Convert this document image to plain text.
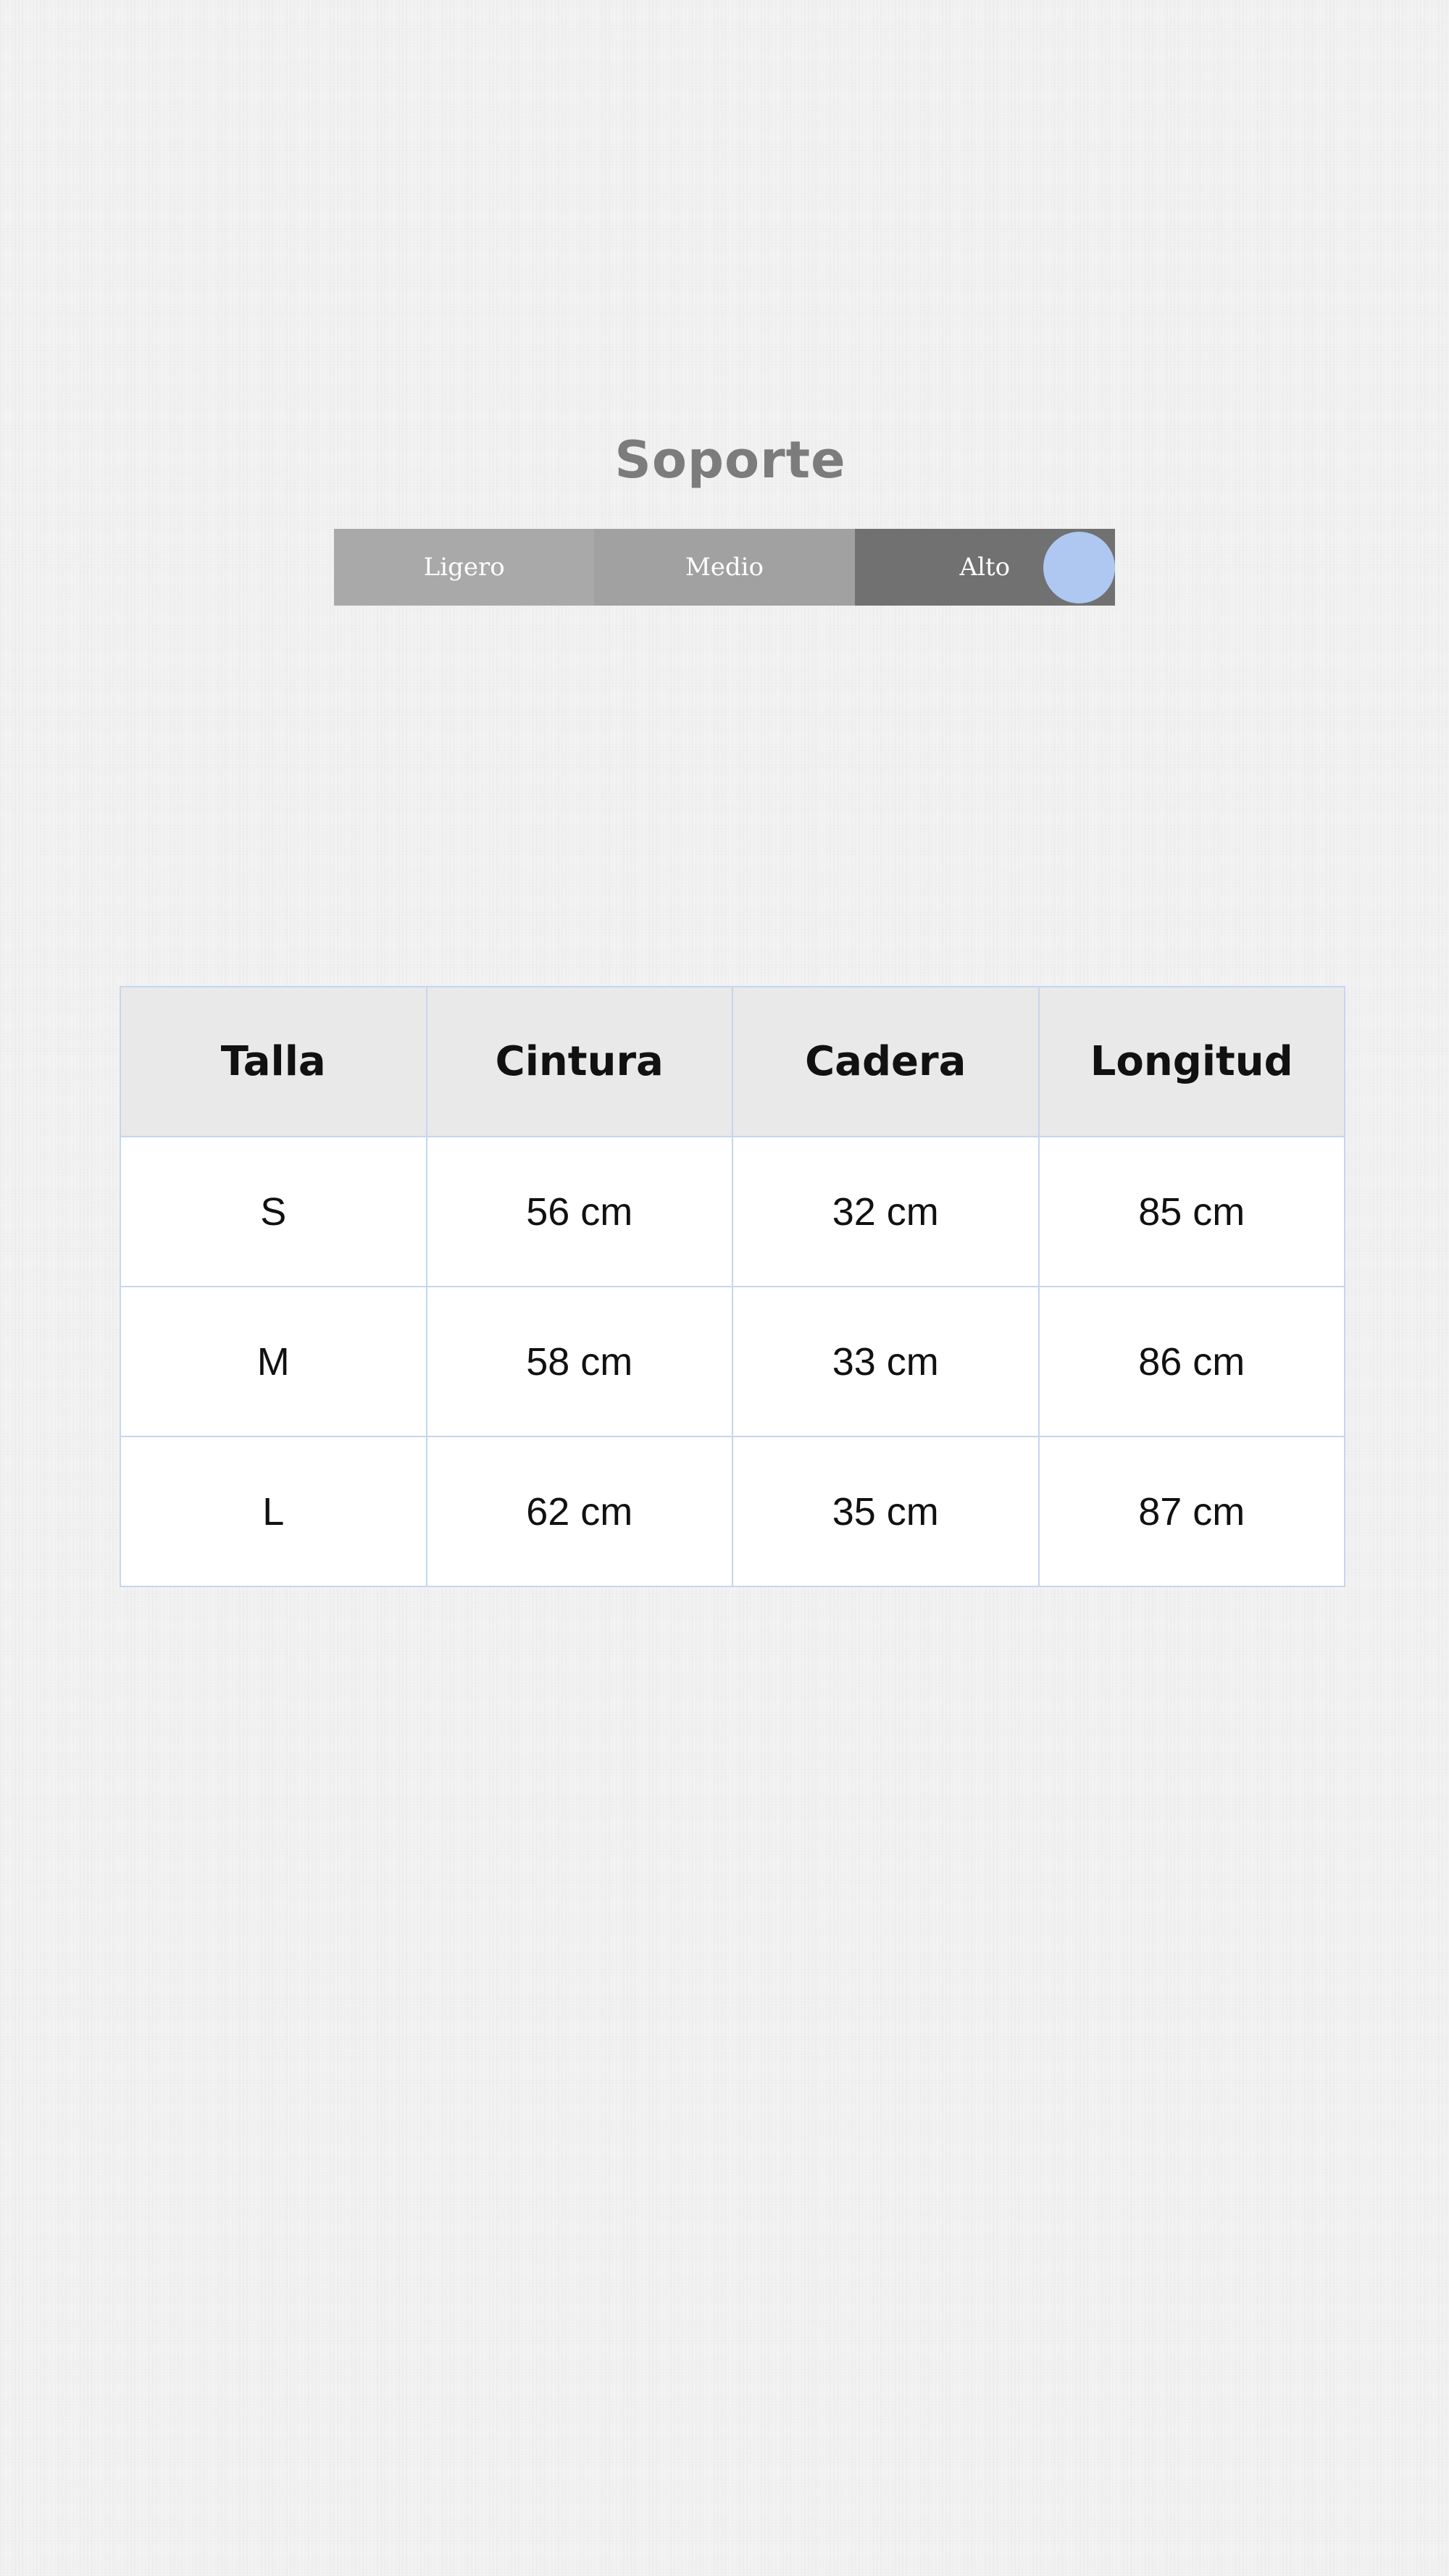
Soporte
Ligero	Medio	Alto
Talla	Cintura	Cadera	Longitud
S	56 cm	32 cm	85 cm
M	58 cm	33 cm	86 cm
L	62 cm	35 cm	87 cm
